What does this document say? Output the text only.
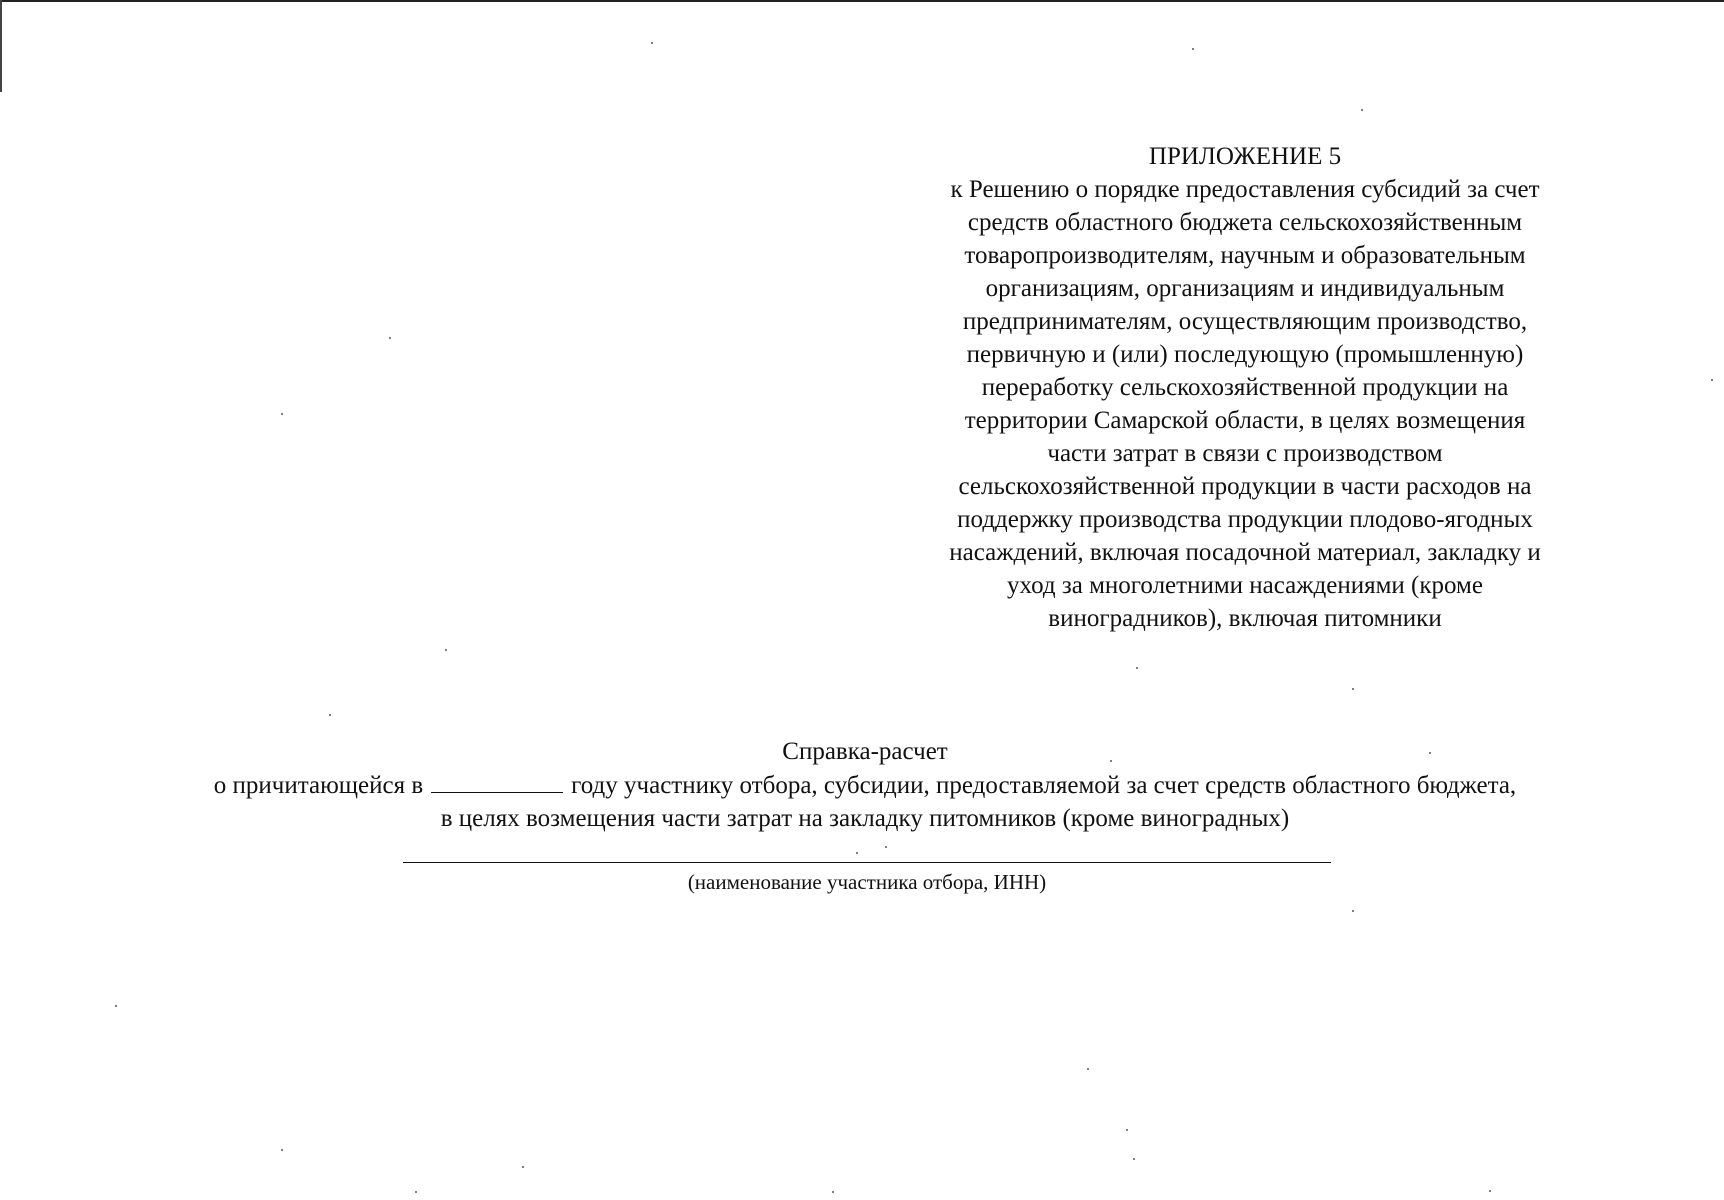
ПРИЛОЖЕНИЕ 5

к Решению о порядке предоставления субсидий за счет
средств областного бюджета сельскохозяйственным
товаропроизводителям, научным и образовательным
организациям, организациям и индивидуальным
предпринимателям, осуществляющим производство,
первичную и (или) последующую (промышленную)
переработку сельскохозяйственной продукции на
территории Самарской области, в целях возмещения
части затрат в связи с производством
сельскохозяйственной продукции в части расходов на
поддержку производства продукции плодово-ягодных
насаждений, включая посадочной материал, закладку и
уход за многолетними насаждениями (кроме
виноградников), включая питомники

Справка-расчет

о причитающейся в	году участнику отбора, субсидии, предоставляемой за счет средств областного бюджета,

в целях возмещения части затрат на закладку питомников (кроме виноградных)

(наименование участника отбора, ИНН)
